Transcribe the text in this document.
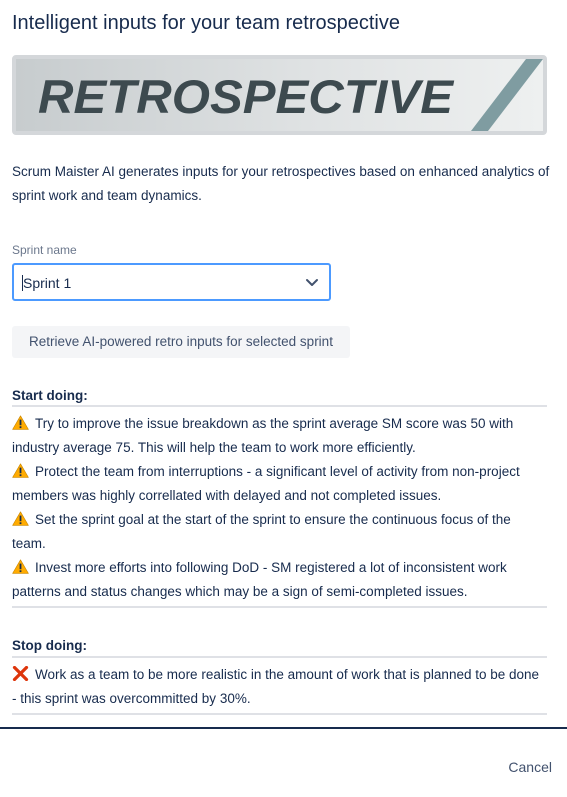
Intelligent inputs for your team retrospective
RETROSPECTIVE

Scrum Maister AI generates inputs for your retrospectives based on enhanced analytics of sprint work and team dynamics.

Sprint name
Sprint 1
Retrieve AI-powered retro inputs for selected sprint
Start doing:
Try to improve the issue breakdown as the sprint average SM score was 50 with industry average 75. This will help the team to work more efficiently.
Protect the team from interruptions - a significant level of activity from non-project members was highly correllated with delayed and not completed issues.
Set the sprint goal at the start of the sprint to ensure the continuous focus of the team.
Invest more efforts into following DoD - SM registered a lot of inconsistent work patterns and status changes which may be a sign of semi-completed issues.
Stop doing:
Work as a team to be more realistic in the amount of work that is planned to be done - this sprint was overcommitted by 30%.
Cancel
